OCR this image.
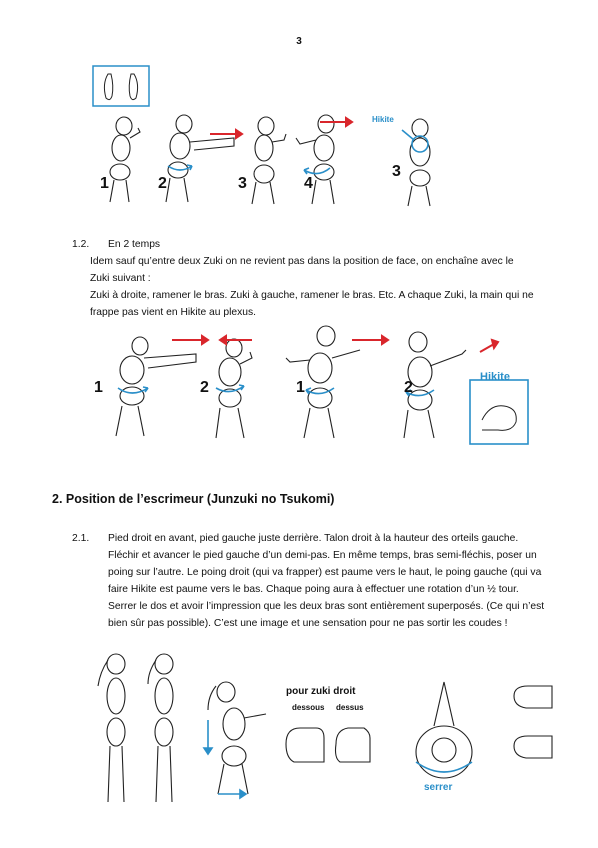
3
1	2	3	4
3
Hikite
1.2. En 2 temps
Idem sauf qu’entre deux Zuki on ne revient pas dans la position de face, on enchaîne avec le
Zuki suivant :
Zuki à droite, ramener le bras. Zuki à gauche, ramener le bras. Etc. A chaque Zuki, la main qui ne
frappe pas vient en Hikite au plexus.
Hikite
1	2	1	2
2. Position de l’escrimeur (Junzuki no Tsukomi)
2.1. Pied droit en avant, pied gauche juste derrière. Talon droit à la hauteur des orteils gauche.
Fléchir et avancer le pied gauche d’un demi-pas. En même temps, bras semi-fléchis, poser un
poing sur l’autre. Le poing droit (qui va frapper) est paume vers le haut, le poing gauche (qui va
faire Hikite est paume vers le bas. Chaque poing aura à effectuer une rotation d’un ½ tour.
Serrer le dos et avoir l’impression que les deux bras sont entièrement superposés. (Ce qui n’est
bien sûr pas possible). C’est une image et une sensation pour ne pas sortir les coudes !
pour zuki droit
dessous dessus
serrer
